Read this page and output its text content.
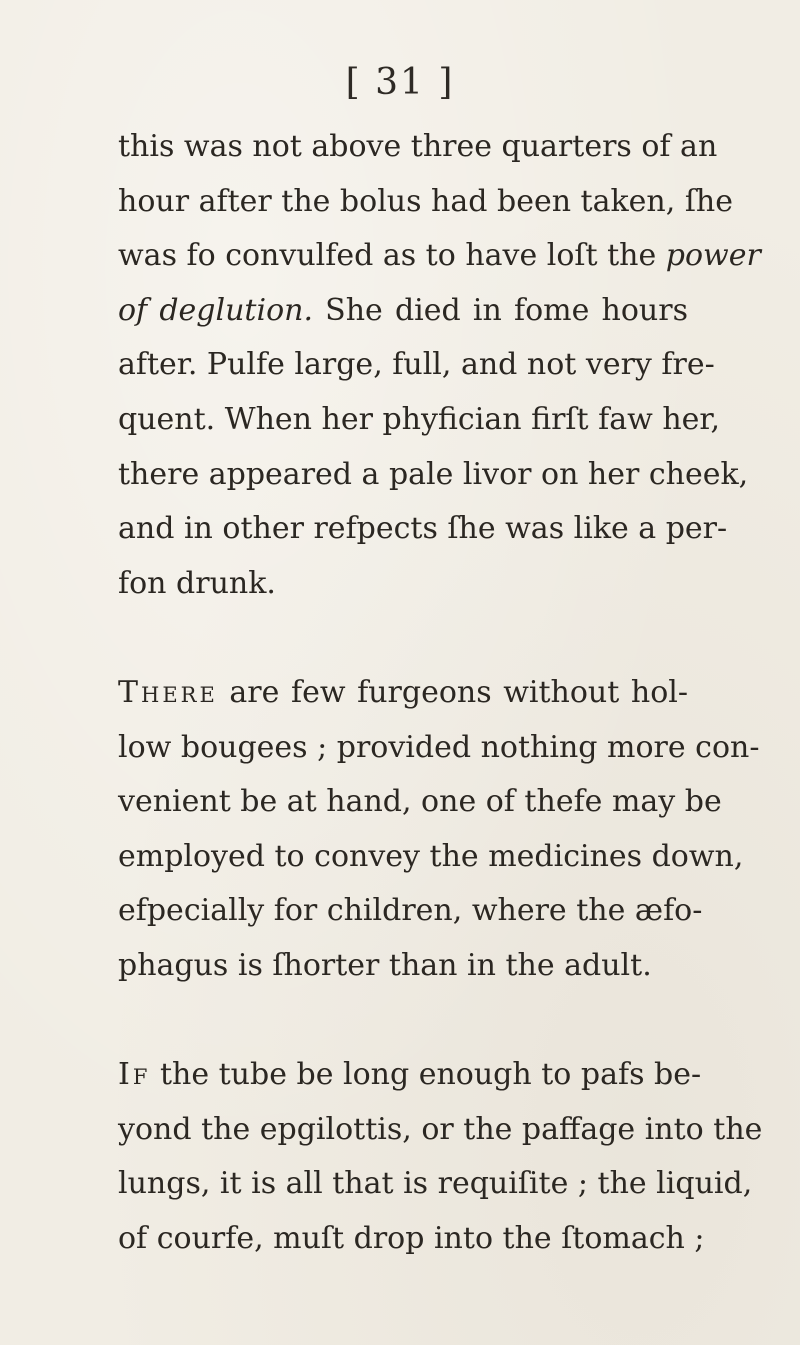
[ 31 ]
this was not above three quarters of an
hour after the bolus had been taken, ſhe
was fo convulfed as to have loſt the power
of deglution. She died in fome hours
after. Pulfe large, full, and not very fre-
quent. When her phyfician firſt faw her,
there appeared a pale livor on her cheek,
and in other refpects ſhe was like a per-
fon drunk.
There are few furgeons without hol-
low bougees ; provided nothing more con-
venient be at hand, one of thefe may be
employed to convey the medicines down,
efpecially for children, where the æfo-
phagus is ſhorter than in the adult.
If the tube be long enough to pafs be-
yond the epgilottis, or the paffage into the
lungs, it is all that is requiſite ; the liquid,
of courfe, muſt drop into the ſtomach ;
